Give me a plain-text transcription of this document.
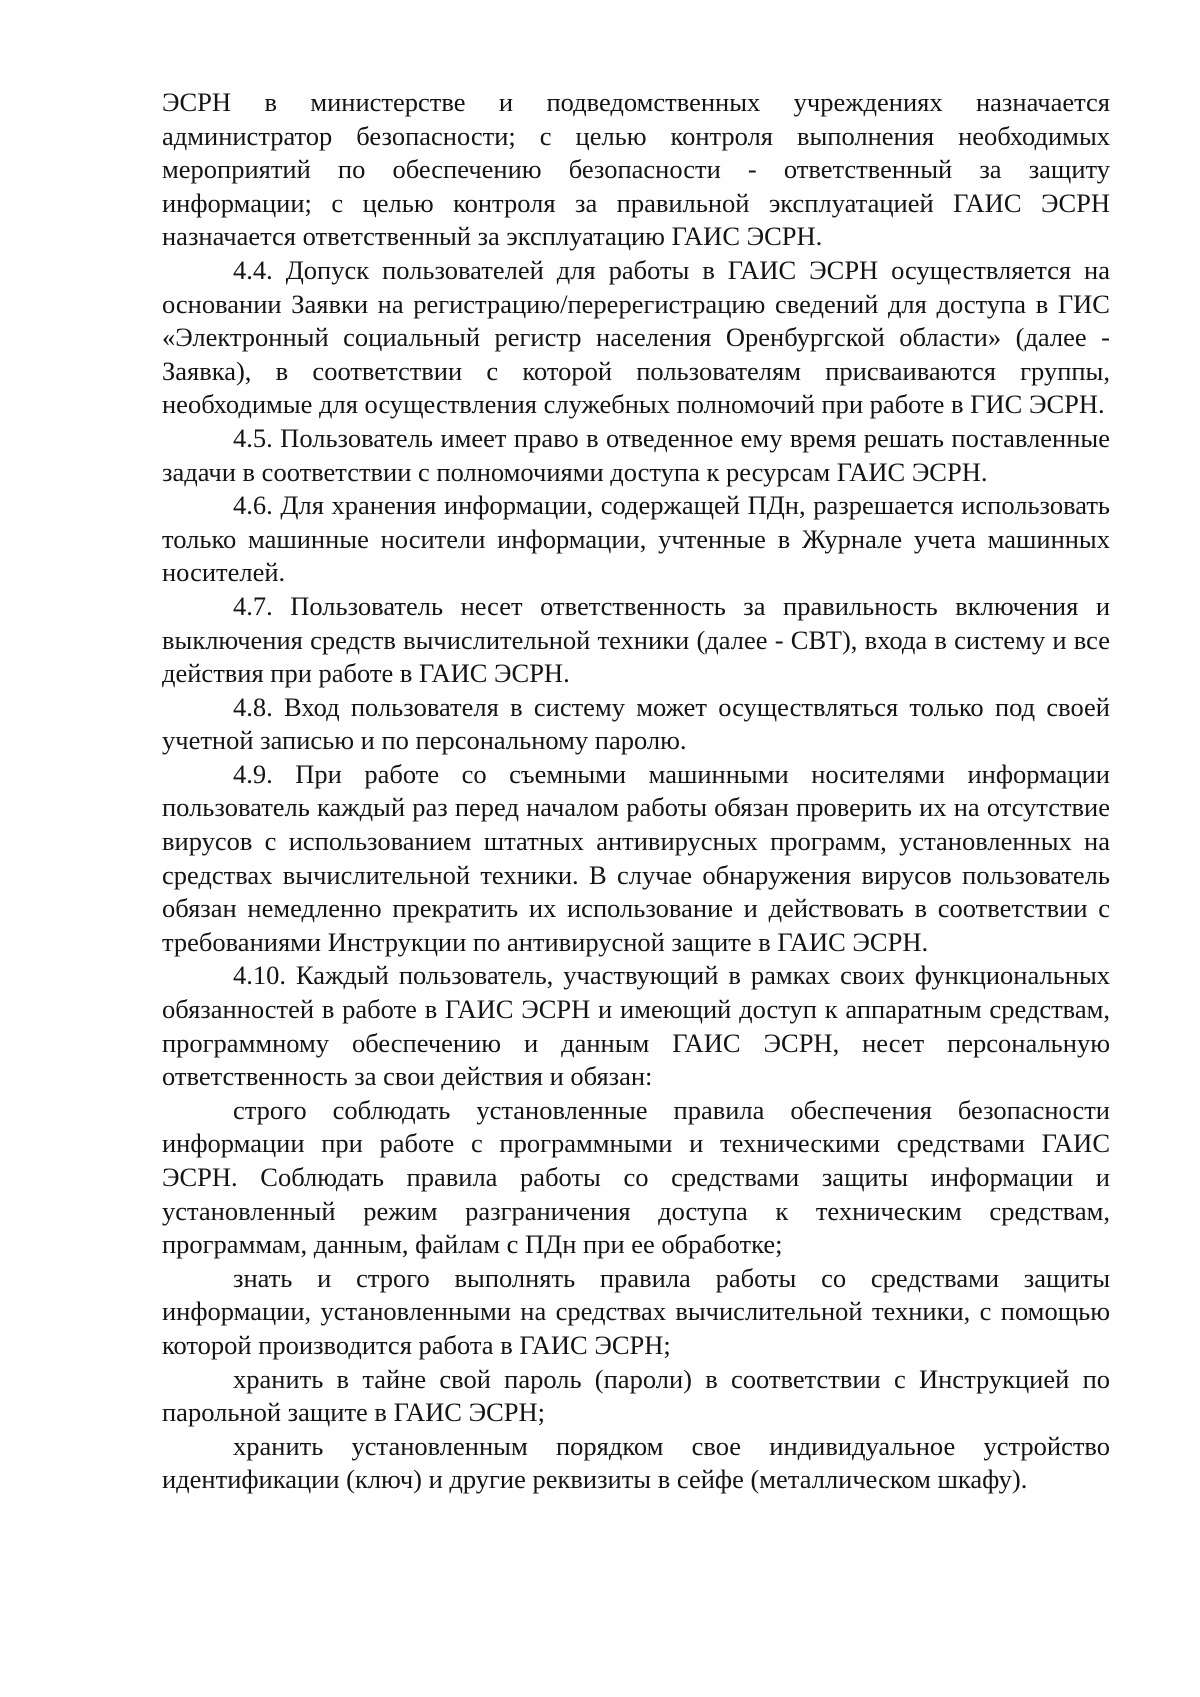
ЭСРН в министерстве и подведомственных учреждениях назначается администратор безопасности; с целью контроля выполнения необходимых мероприятий по обеспечению безопасности - ответственный за защиту информации; с целью контроля за правильной эксплуатацией ГАИС ЭСРН назначается ответственный за эксплуатацию ГАИС ЭСРН.

4.4. Допуск пользователей для работы в ГАИС ЭСРН осуществляется на основании Заявки на регистрацию/перерегистрацию сведений для доступа в ГИС «Электронный социальный регистр населения Оренбургской области» (далее - Заявка), в соответствии с которой пользователям присваиваются группы, необходимые для осуществления служебных полномочий при работе в ГИС ЭСРН.

4.5. Пользователь имеет право в отведенное ему время решать поставленные задачи в соответствии с полномочиями доступа к ресурсам ГАИС ЭСРН.

4.6. Для хранения информации, содержащей ПДн, разрешается использовать только машинные носители информации, учтенные в Журнале учета машинных носителей.

4.7. Пользователь несет ответственность за правильность включения и выключения средств вычислительной техники (далее - СВТ), входа в систему и все действия при работе в ГАИС ЭСРН.

4.8. Вход пользователя в систему может осуществляться только под своей учетной записью и по персональному паролю.

4.9. При работе со съемными машинными носителями информации пользователь каждый раз перед началом работы обязан проверить их на отсутствие вирусов с использованием штатных антивирусных программ, установленных на средствах вычислительной техники. В случае обнаружения вирусов пользователь обязан немедленно прекратить их использование и действовать в соответствии с требованиями Инструкции по антивирусной защите в ГАИС ЭСРН.

4.10. Каждый пользователь, участвующий в рамках своих функциональных обязанностей в работе в ГАИС ЭСРН и имеющий доступ к аппаратным средствам, программному обеспечению и данным ГАИС ЭСРН, несет персональную ответственность за свои действия и обязан:

строго соблюдать установленные правила обеспечения безопасности информации при работе с программными и техническими средствами ГАИС ЭСРН. Соблюдать правила работы со средствами защиты информации и установленный режим разграничения доступа к техническим средствам, программам, данным, файлам с ПДн при ее обработке;

знать и строго выполнять правила работы со средствами защиты информации, установленными на средствах вычислительной техники, с помощью которой производится работа в ГАИС ЭСРН;

хранить в тайне свой пароль (пароли) в соответствии с Инструкцией по парольной защите в ГАИС ЭСРН;

хранить установленным порядком свое индивидуальное устройство идентификации (ключ) и другие реквизиты в сейфе (металлическом шкафу).
